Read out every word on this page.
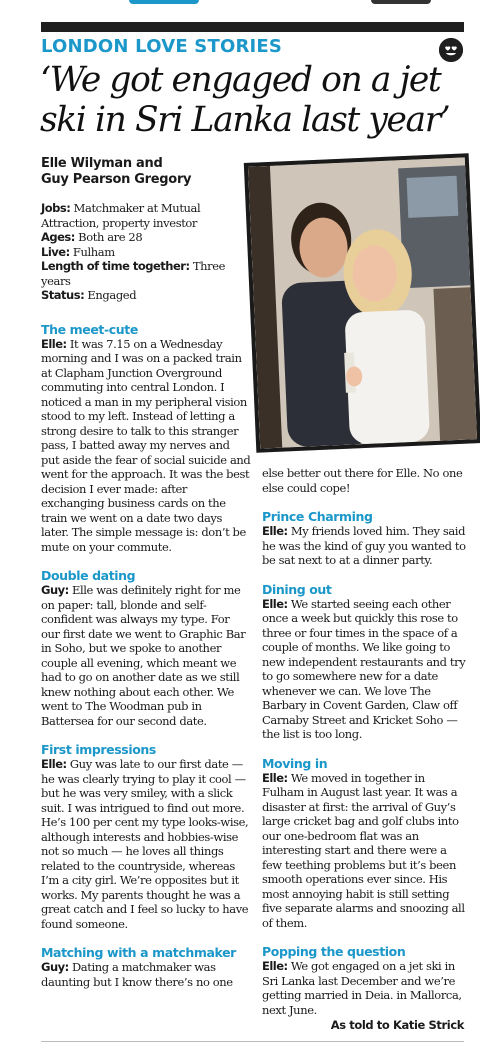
LONDON LOVE STORIES
‘We got engaged on a jet ski in Sri Lanka last year’
Elle Wilyman and
Guy Pearson Gregory
Jobs: Matchmaker at Mutual Attraction, property investor
Ages: Both are 28
Live: Fulham
Length of time together: Three years
Status: Engaged

The meet-cute

Elle: It was 7.15 on a Wednesday morning and I was on a packed train at Clapham Junction Overground commuting into central London. I noticed a man in my peripheral vision stood to my left. Instead of letting a strong desire to talk to this stranger pass, I batted away my nerves and put aside the fear of social suicide and went for the approach. It was the best decision I ever made: after exchanging business cards on the train we went on a date two days later. The simple message is: don’t be mute on your commute.

Double dating

Guy: Elle was definitely right for me on paper: tall, blonde and self-confident was always my type. For our first date we went to Graphic Bar in Soho, but we spoke to another couple all evening, which meant we had to go on another date as we still knew nothing about each other. We went to The Woodman pub in Battersea for our second date.

First impressions

Elle: Guy was late to our first date — he was clearly trying to play it cool — but he was very smiley, with a slick suit. I was intrigued to find out more. He’s 100 per cent my type looks-wise, although interests and hobbies-wise not so much — he loves all things related to the countryside, whereas I’m a city girl. We’re opposites but it works. My parents thought he was a great catch and I feel so lucky to have found someone.

Matching with a matchmaker

Guy: Dating a matchmaker was daunting but I know there’s no one

else better out there for Elle. No one else could cope!

Prince Charming

Elle: My friends loved him. They said he was the kind of guy you wanted to be sat next to at a dinner party.

Dining out

Elle: We started seeing each other once a week but quickly this rose to three or four times in the space of a couple of months. We like going to new independent restaurants and try to go somewhere new for a date whenever we can. We love The Barbary in Covent Garden, Claw off Carnaby Street and Kricket Soho — the list is too long.

Moving in

Elle: We moved in together in Fulham in August last year. It was a disaster at first: the arrival of Guy’s large cricket bag and golf clubs into our one-bedroom flat was an interesting start and there were a few teething problems but it’s been smooth operations ever since. His most annoying habit is still setting five separate alarms and snoozing all of them.

Popping the question

Elle: We got engaged on a jet ski in Sri Lanka last December and we’re getting married in Deia. in Mallorca, next June.

As told to Katie Strick
